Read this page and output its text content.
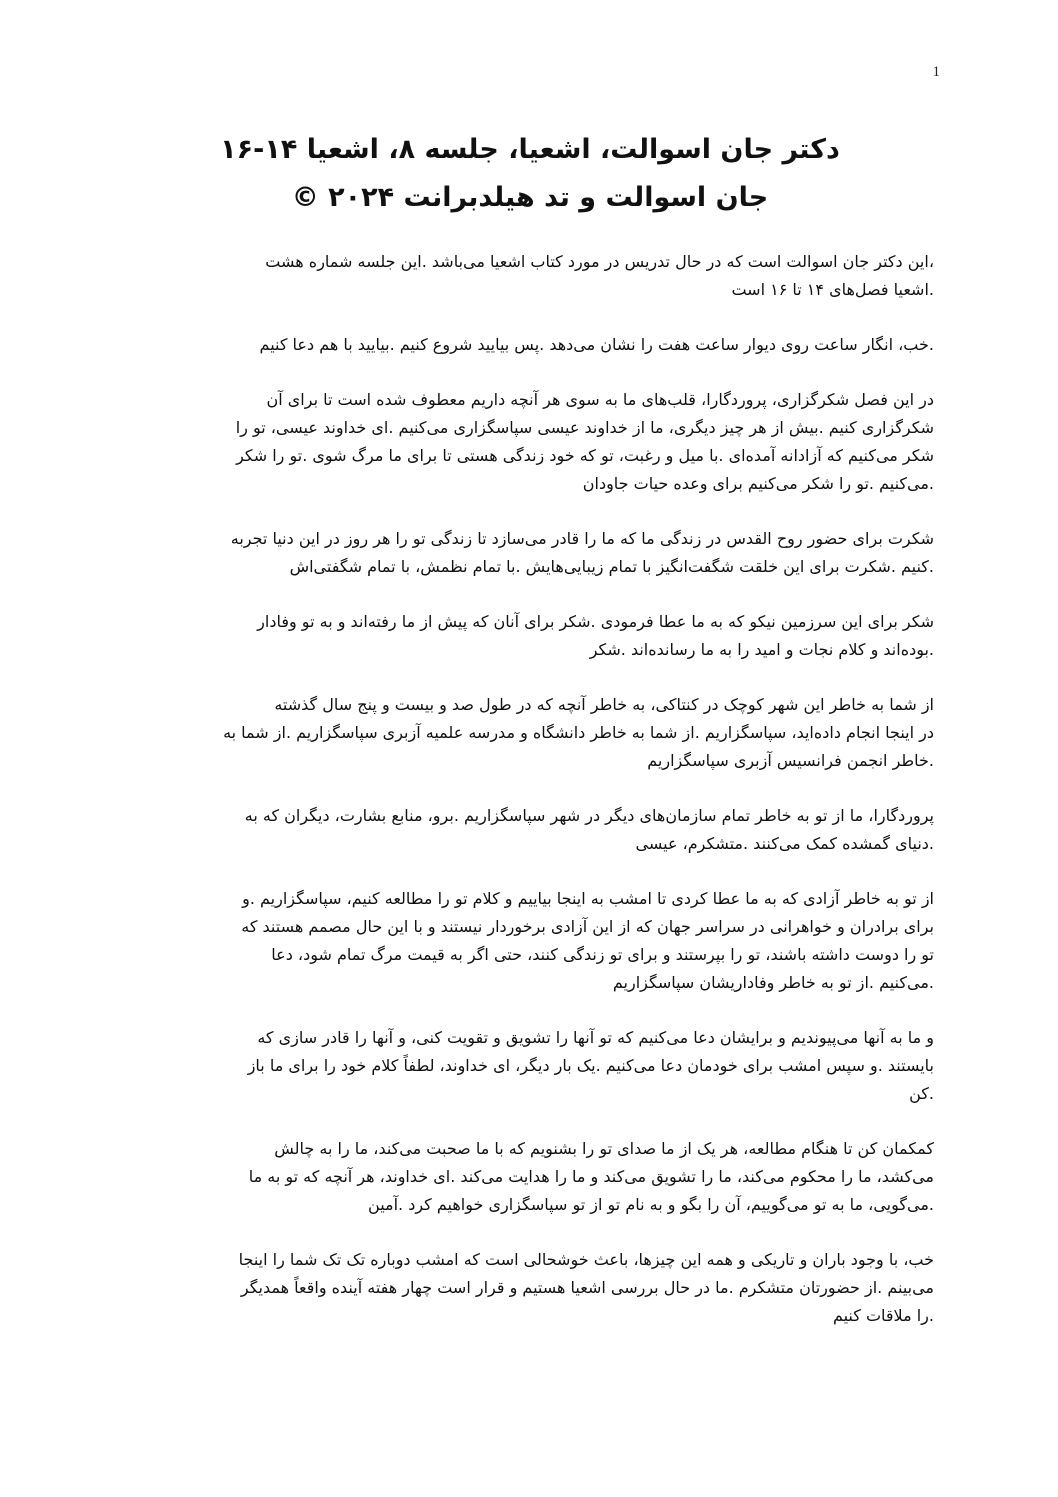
1
دکتر جان اسوالت، اشعیا، جلسه ۸، اشعیا ۱۴-۱۶
جان اسوالت و تد هیلدبرانت ۲۰۲۴ ©

،این دکتر جان اسوالت است که در حال تدریس در مورد کتاب اشعیا می‌باشد .این جلسه شماره هشت
.اشعیا فصل‌های ۱۴ تا ۱۶ است

.خب، انگار ساعت روی دیوار ساعت هفت را نشان می‌دهد .پس بیایید شروع کنیم .بیایید با هم دعا کنیم

در این فصل شکرگزاری، پروردگارا، قلب‌های ما به سوی هر آنچه داریم معطوف شده است تا برای آن
شکرگزاری کنیم .بیش از هر چیز دیگری، ما از خداوند عیسی سپاسگزاری می‌کنیم .ای خداوند عیسی، تو را
شکر می‌کنیم که آزادانه آمده‌ای .با میل و رغبت، تو که خود زندگی هستی تا برای ما مرگ شوی .تو را شکر
.می‌کنیم .تو را شکر می‌کنیم برای وعده حیات جاودان

شکرت برای حضور روح القدس در زندگی ما که ما را قادر می‌سازد تا زندگی تو را هر روز در این دنیا تجربه
.کنیم .شکرت برای این خلقت شگفت‌انگیز با تمام زیبایی‌هایش .با تمام نظمش، با تمام شگفتی‌اش

شکر برای این سرزمین نیکو که به ما عطا فرمودی .شکر برای آنان که پیش از ما رفته‌اند و به تو وفادار
.بوده‌اند و کلام نجات و امید را به ما رسانده‌اند .شکر

از شما به خاطر این شهر کوچک در کنتاکی، به خاطر آنچه که در طول صد و بیست و پنج سال گذشته
در اینجا انجام داده‌اید، سپاسگزاریم .از شما به خاطر دانشگاه و مدرسه علمیه آزبری سپاسگزاریم .از شما به
.خاطر انجمن فرانسیس آزبری سپاسگزاریم

پروردگارا، ما از تو به خاطر تمام سازمان‌های دیگر در شهر سپاسگزاریم .برو، منابع بشارت، دیگران که به
.دنیای گمشده کمک می‌کنند .متشکرم، عیسی

از تو به خاطر آزادی که به ما عطا کردی تا امشب به اینجا بیاییم و کلام تو را مطالعه کنیم، سپاسگزاریم .و
برای برادران و خواهرانی در سراسر جهان که از این آزادی برخوردار نیستند و با این حال مصمم هستند که
تو را دوست داشته باشند، تو را بپرستند و برای تو زندگی کنند، حتی اگر به قیمت مرگ تمام شود، دعا
.می‌کنیم .از تو به خاطر وفاداریشان سپاسگزاریم

و ما به آنها می‌پیوندیم و برایشان دعا می‌کنیم که تو آنها را تشویق و تقویت کنی، و آنها را قادر سازی که
بایستند .و سپس امشب برای خودمان دعا می‌کنیم .یک بار دیگر، ای خداوند، لطفاً کلام خود را برای ما باز
.کن

کمکمان کن تا هنگام مطالعه، هر یک از ما صدای تو را بشنویم که با ما صحبت می‌کند، ما را به چالش
می‌کشد، ما را محکوم می‌کند، ما را تشویق می‌کند و ما را هدایت می‌کند .ای خداوند، هر آنچه که تو به ما
.می‌گویی، ما به تو می‌گوییم، آن را بگو و به نام تو از تو سپاسگزاری خواهیم کرد .آمین

خب، با وجود باران و تاریکی و همه این چیزها، باعث خوشحالی است که امشب دوباره تک تک شما را اینجا
می‌بینم .از حضورتان متشکرم .ما در حال بررسی اشعیا هستیم و قرار است چهار هفته آینده واقعاً همدیگر
.را ملاقات کنیم
